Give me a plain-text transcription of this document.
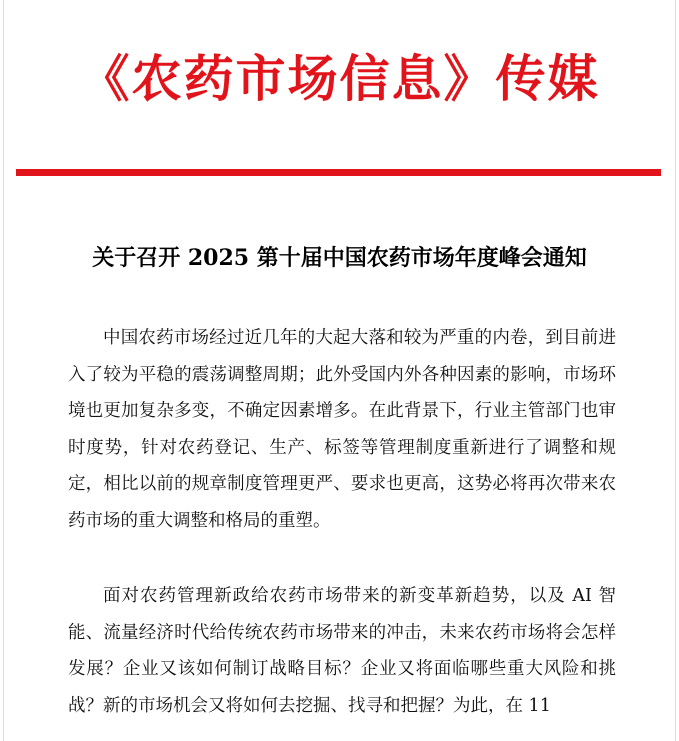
《农药市场信息》传媒
关于召开 2025 第十届中国农药市场年度峰会通知

中国农药市场经过近几年的大起大落和较为严重的内卷，到目前进入了较为平稳的震荡调整周期；此外受国内外各种因素的影响，市场环境也更加复杂多变，不确定因素增多。在此背景下，行业主管部门也审时度势，针对农药登记、生产、标签等管理制度重新进行了调整和规定，相比以前的规章制度管理更严、要求也更高，这势必将再次带来农药市场的重大调整和格局的重塑。

面对农药管理新政给农药市场带来的新变革新趋势，以及 AI 智能、流量经济时代给传统农药市场带来的冲击，未来农药市场将会怎样发展？企业又该如何制订战略目标？企业又将面临哪些重大风险和挑战？新的市场机会又将如何去挖掘、找寻和把握？为此，在 11
